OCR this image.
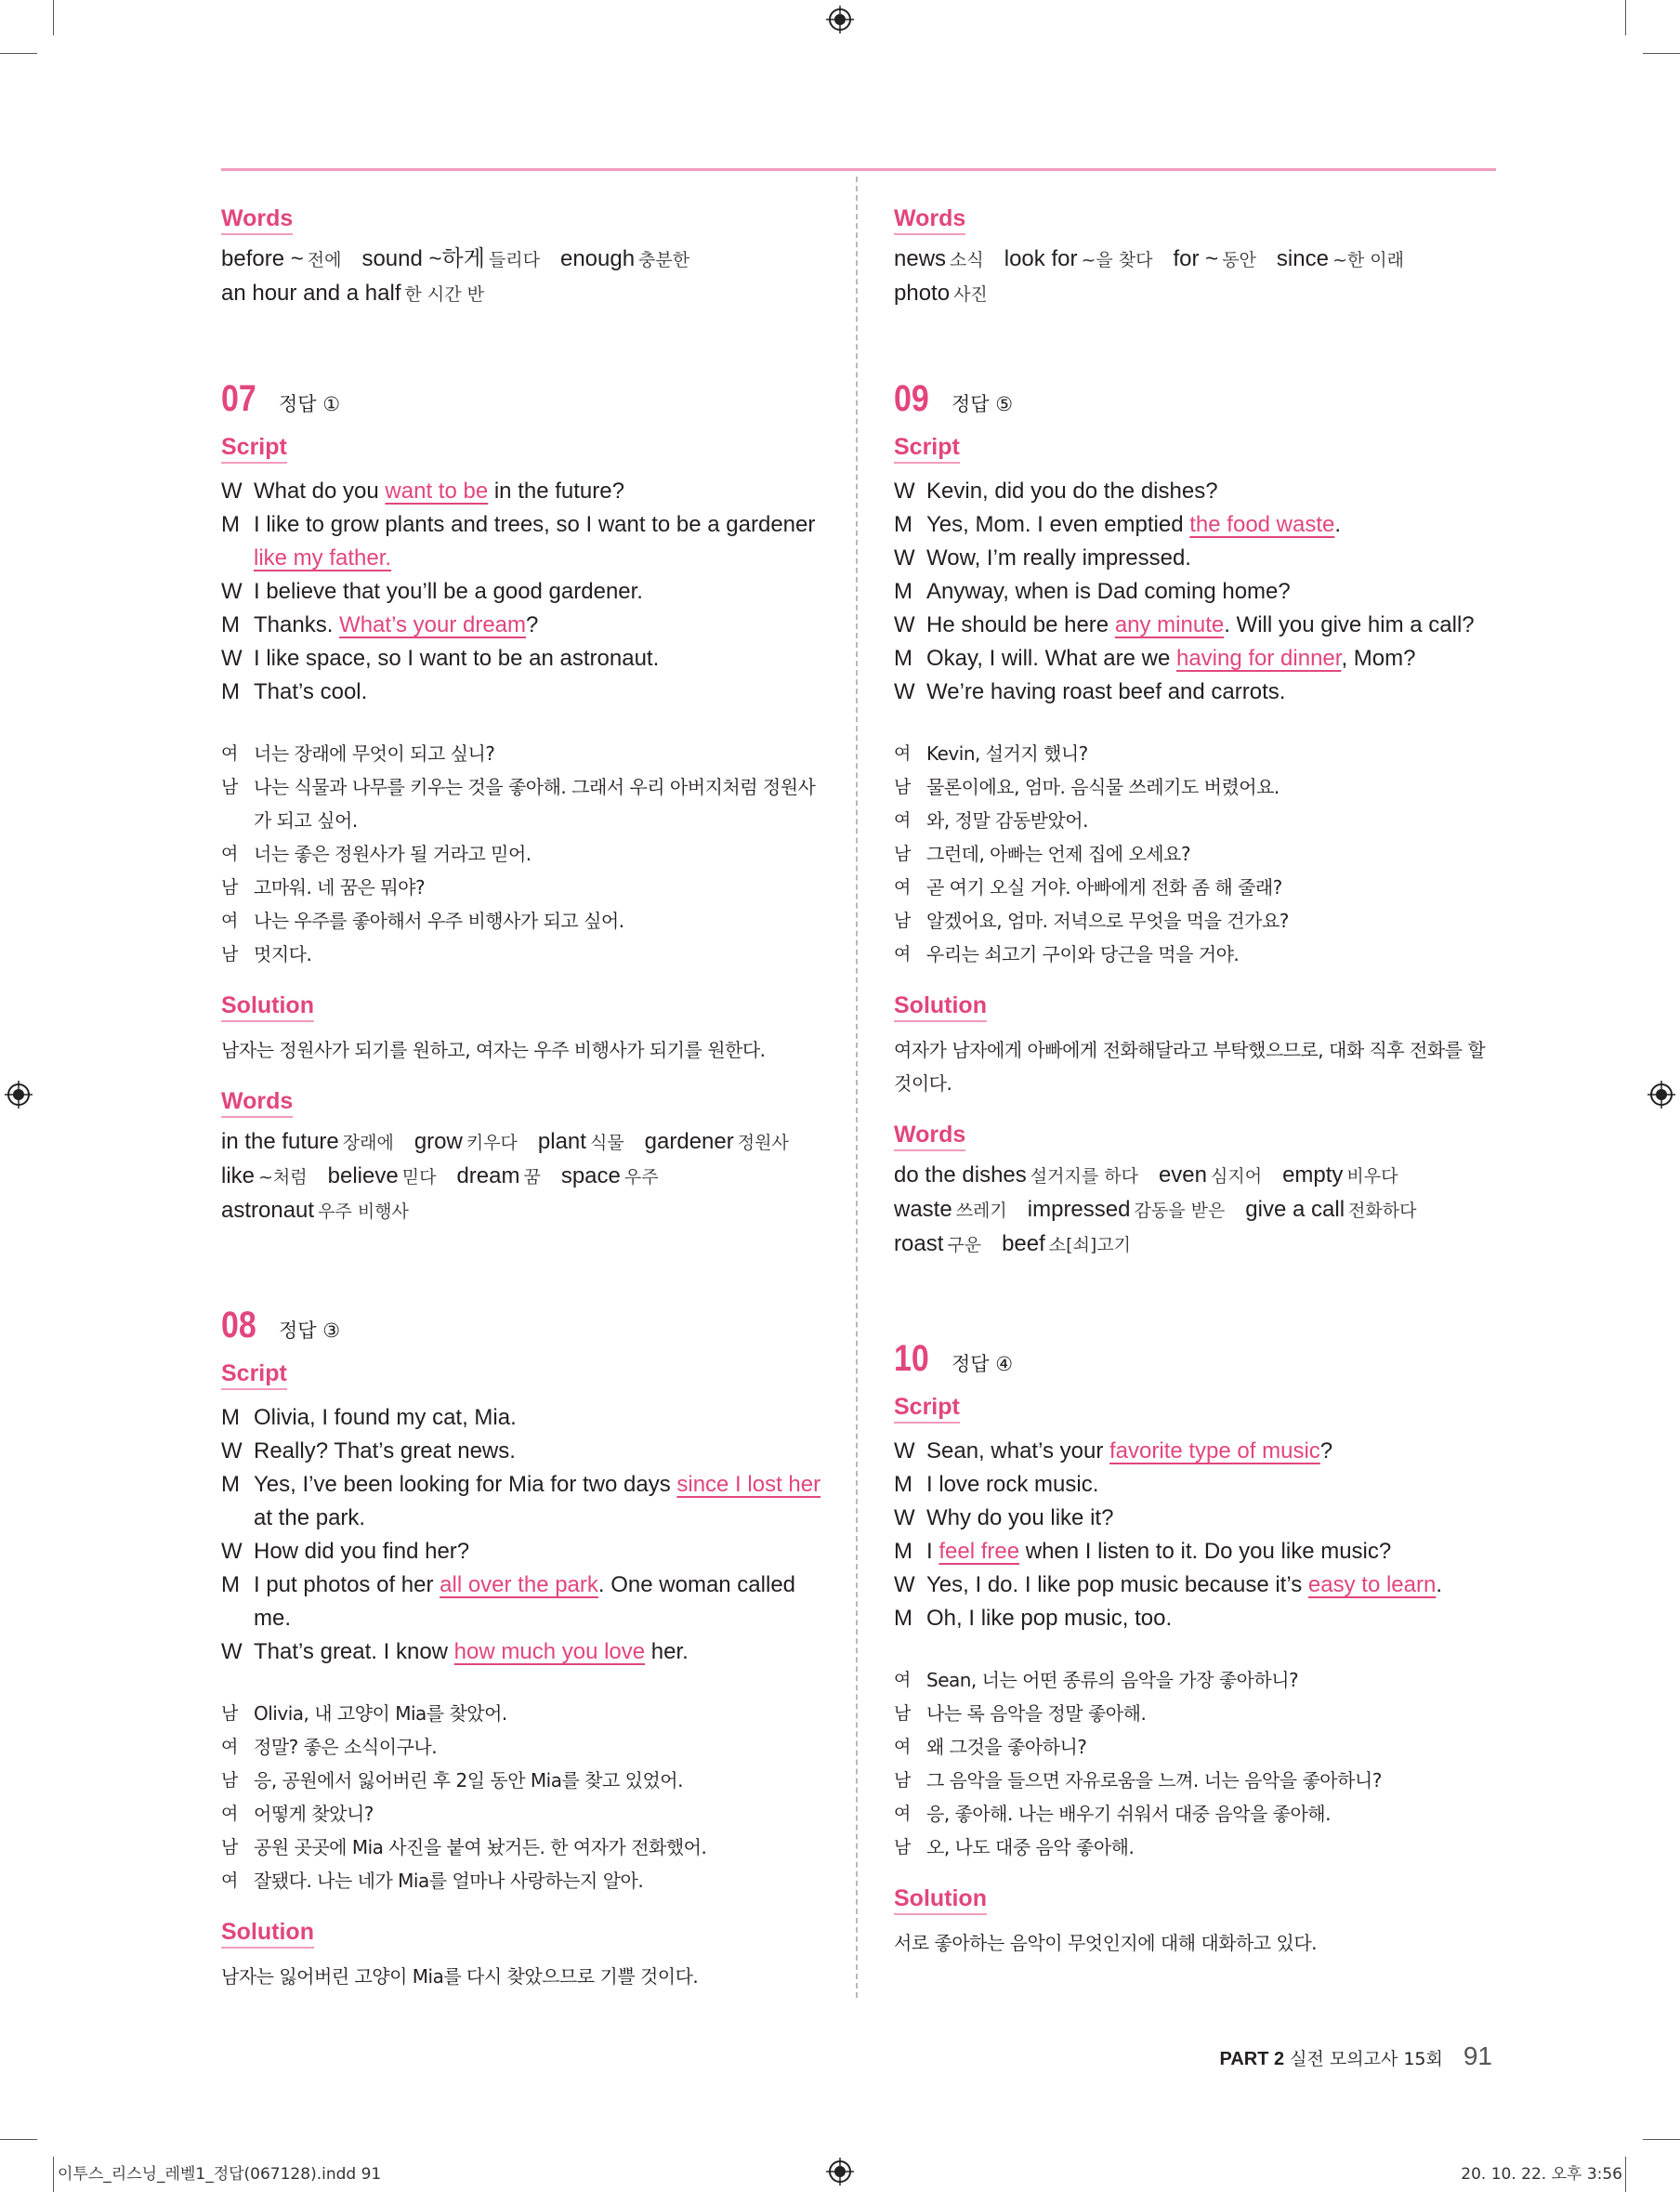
Words
before ~ 전에 sound ~하게 들리다 enough 충분한
an hour and a half 한 시간 반
07	정답 ①
Script
W What do you want to be in the future?
M I like to grow plants and trees, so I want to be a gardener like my father.
W I believe that you’ll be a good gardener.
M Thanks. What’s your dream?
W I like space, so I want to be an astronaut.
M That’s cool.
여 너는 장래에 무엇이 되고 싶니?
남 나는 식물과 나무를 키우는 것을 좋아해. 그래서 우리 아버지처럼 정원사가 되고 싶어.
여 너는 좋은 정원사가 될 거라고 믿어.
남 고마워. 네 꿈은 뭐야?
여 나는 우주를 좋아해서 우주 비행사가 되고 싶어.
남 멋지다.
Solution
남자는 정원사가 되기를 원하고, 여자는 우주 비행사가 되기를 원한다.
Words
in the future 장래에 grow 키우다 plant 식물 gardener 정원사
like ~처럼 believe 믿다 dream 꿈 space 우주
astronaut 우주 비행사
08	정답 ③
Script
M Olivia, I found my cat, Mia.
W Really? That’s great news.
M Yes, I’ve been looking for Mia for two days since I lost her at the park.
W How did you find her?
M I put photos of her all over the park. One woman called me.
W That’s great. I know how much you love her.
남 Olivia, 내 고양이 Mia를 찾았어.
여 정말? 좋은 소식이구나.
남 응, 공원에서 잃어버린 후 2일 동안 Mia를 찾고 있었어.
여 어떻게 찾았니?
남 공원 곳곳에 Mia 사진을 붙여 놨거든. 한 여자가 전화했어.
여 잘됐다. 나는 네가 Mia를 얼마나 사랑하는지 알아.
Solution
남자는 잃어버린 고양이 Mia를 다시 찾았으므로 기쁠 것이다.
Words
news 소식 look for ~을 찾다 for ~ 동안 since ~한 이래
photo 사진
09	정답 ⑤
Script
W Kevin, did you do the dishes?
M Yes, Mom. I even emptied the food waste.
W Wow, I’m really impressed.
M Anyway, when is Dad coming home?
W He should be here any minute. Will you give him a call?
M Okay, I will. What are we having for dinner, Mom?
W We’re having roast beef and carrots.
여 Kevin, 설거지 했니?
남 물론이에요, 엄마. 음식물 쓰레기도 버렸어요.
여 와, 정말 감동받았어.
남 그런데, 아빠는 언제 집에 오세요?
여 곧 여기 오실 거야. 아빠에게 전화 좀 해 줄래?
남 알겠어요, 엄마. 저녁으로 무엇을 먹을 건가요?
여 우리는 쇠고기 구이와 당근을 먹을 거야.
Solution
여자가 남자에게 아빠에게 전화해달라고 부탁했으므로, 대화 직후 전화를 할 것이다.
Words
do the dishes 설거지를 하다 even 심지어 empty 비우다
waste 쓰레기 impressed 감동을 받은 give a call 전화하다
roast 구운 beef 소[쇠]고기
10	정답 ④
Script
W Sean, what’s your favorite type of music?
M I love rock music.
W Why do you like it?
M I feel free when I listen to it. Do you like music?
W Yes, I do. I like pop music because it’s easy to learn.
M Oh, I like pop music, too.
여 Sean, 너는 어떤 종류의 음악을 가장 좋아하니?
남 나는 록 음악을 정말 좋아해.
여 왜 그것을 좋아하니?
남 그 음악을 들으면 자유로움을 느껴. 너는 음악을 좋아하니?
여 응, 좋아해. 나는 배우기 쉬워서 대중 음악을 좋아해.
남 오, 나도 대중 음악 좋아해.
Solution
서로 좋아하는 음악이 무엇인지에 대해 대화하고 있다.
PART 2 실전 모의고사 15회 91
이투스_리스닝_레벨1_정답(067128).indd 91	20. 10. 22. 오후 3:56
